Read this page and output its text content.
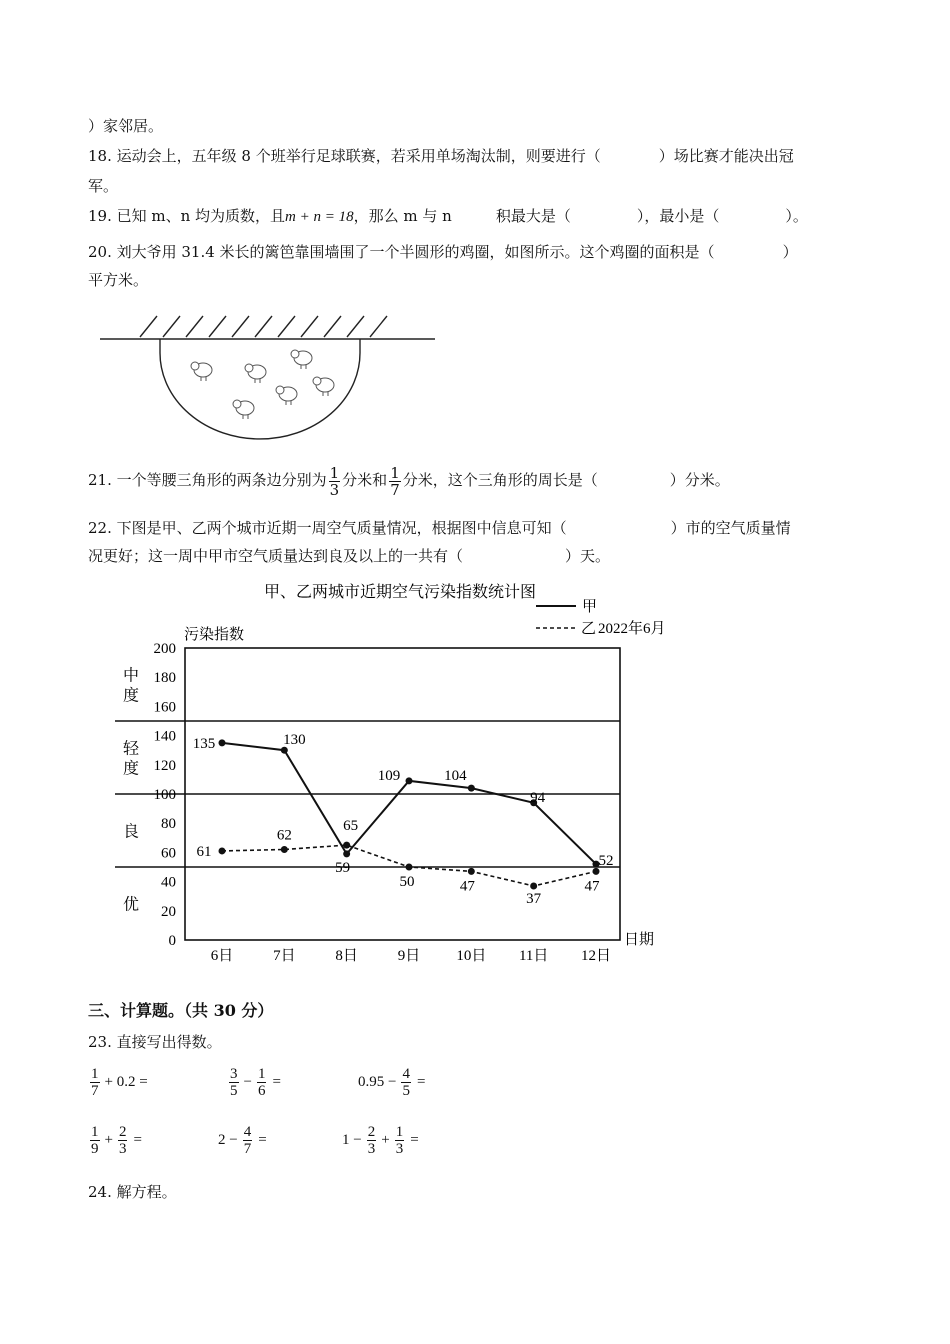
）家邻居。
18. 运动会上，五年级 8 个班举行足球联赛，若采用单场淘汰制，则要进行（	）场比赛才能决出冠
军。
19. 已知 m、n 均为质数，且m + n = 18，那么 m 与 n	积最大是（	），最小是（	）。
20. 刘大爷用 31.4 米长的篱笆靠围墙围了一个半圆形的鸡圈，如图所示。这个鸡圈的面积是（	）
平方米。
21. 一个等腰三角形的两条边分别为 $\frac{1}{3}$ 分米和 $\frac{1}{7}$ 分米，这个三角形的周长是（	）分米。
22. 下图是甲、乙两个城市近期一周空气质量情况，根据图中信息可知（	）市的空气质量情
况更好；这一周中甲市空气质量达到良及以上的一共有（	）天。
甲、乙两城市近期空气污染指数统计图
甲
乙 2022年6月
污染指数
日期
优
良
轻
度
中
度
0
20
40
60
80
100
120
140
160
180
200
6日	7日	8日	9日 10日 11日 12日
135	130
59
109	104
94
52
61
62
65
50	47
37
47
三、计算题。（共 30 分）
23. 直接写出得数。
$\frac{1}{7} + 0.2$ =	$\frac{3}{5} - \frac{1}{6}$ =	$0.95 - \frac{4}{5}$ =
$\frac{1}{9} + \frac{2}{3}$ =	$2 - \frac{4}{7}$ =	$1 - \frac{2}{3} + \frac{1}{3}$ =
24. 解方程。
